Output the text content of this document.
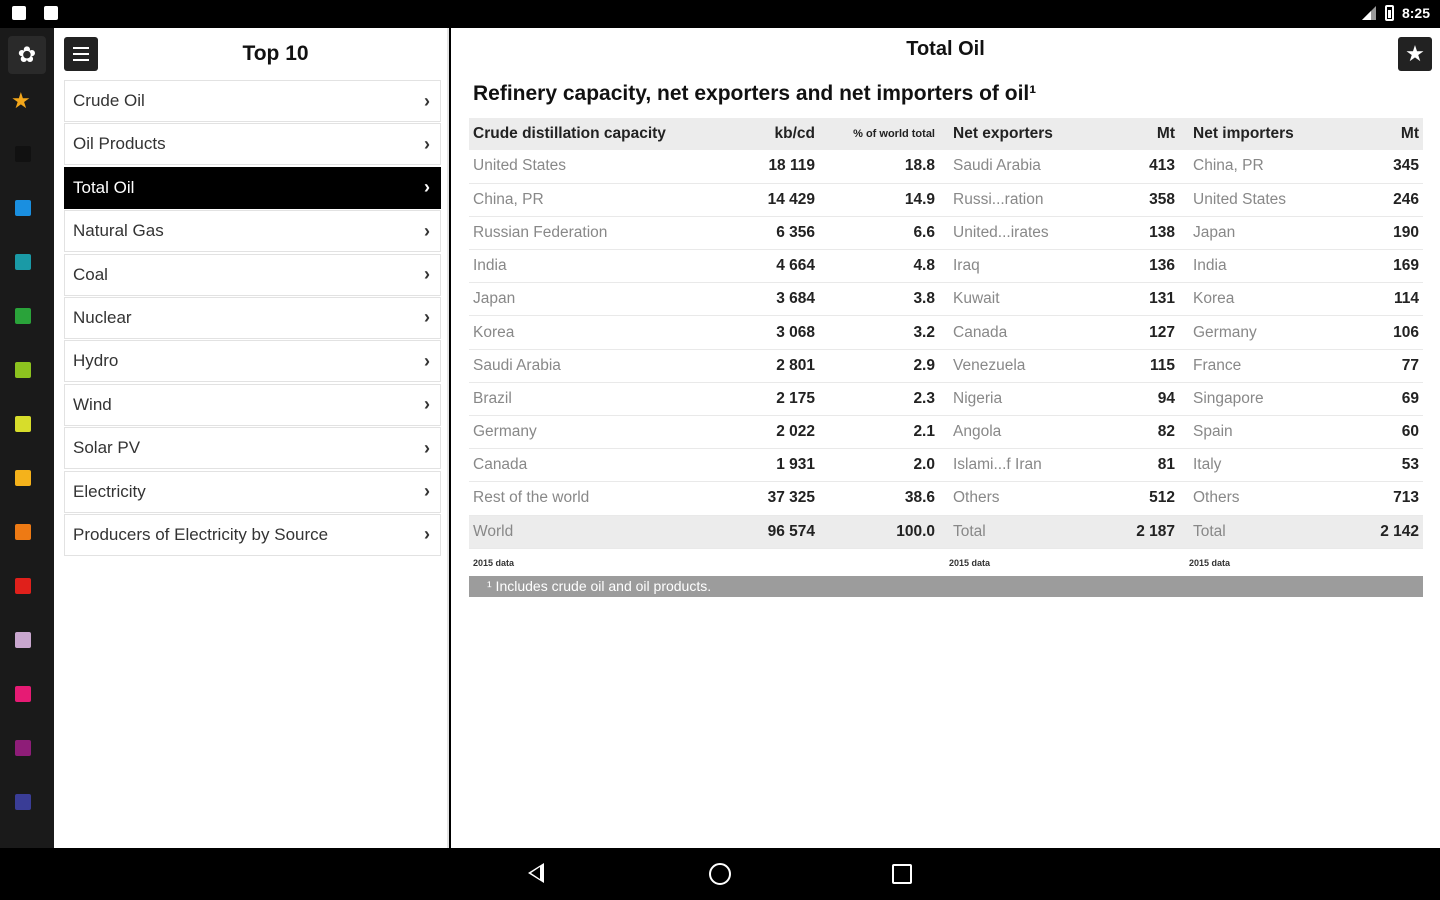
8:25
✿
★
Top 10
Crude Oil	›
Oil Products	›
Total Oil	›
Natural Gas	›
Coal	›
Nuclear	›
Hydro	›
Wind	›
Solar PV	›
Electricity	›
Producers of Electricity by Source	›
Total Oil	★
Refinery capacity, net exporters and net importers of oil¹
Crude distillation capacity	kb/cd	% of world total	Net exporters	Mt	Net importers	Mt
United States	18 119	18.8	Saudi Arabia	413	China, PR	345
China, PR	14 429	14.9	Russi...ration	358	United States	246
Russian Federation	6 356	6.6	United...irates	138	Japan	190
India	4 664	4.8	Iraq	136	India	169
Japan	3 684	3.8	Kuwait	131	Korea	114
Korea	3 068	3.2	Canada	127	Germany	106
Saudi Arabia	2 801	2.9	Venezuela	115	France	77
Brazil	2 175	2.3	Nigeria	94	Singapore	69
Germany	2 022	2.1	Angola	82	Spain	60
Canada	1 931	2.0	Islami...f Iran	81	Italy	53
Rest of the world	37 325	38.6	Others	512	Others	713
World	96 574	100.0	Total	2 187	Total	2 142
2015 data	2015 data	2015 data
¹ Includes crude oil and oil products.
